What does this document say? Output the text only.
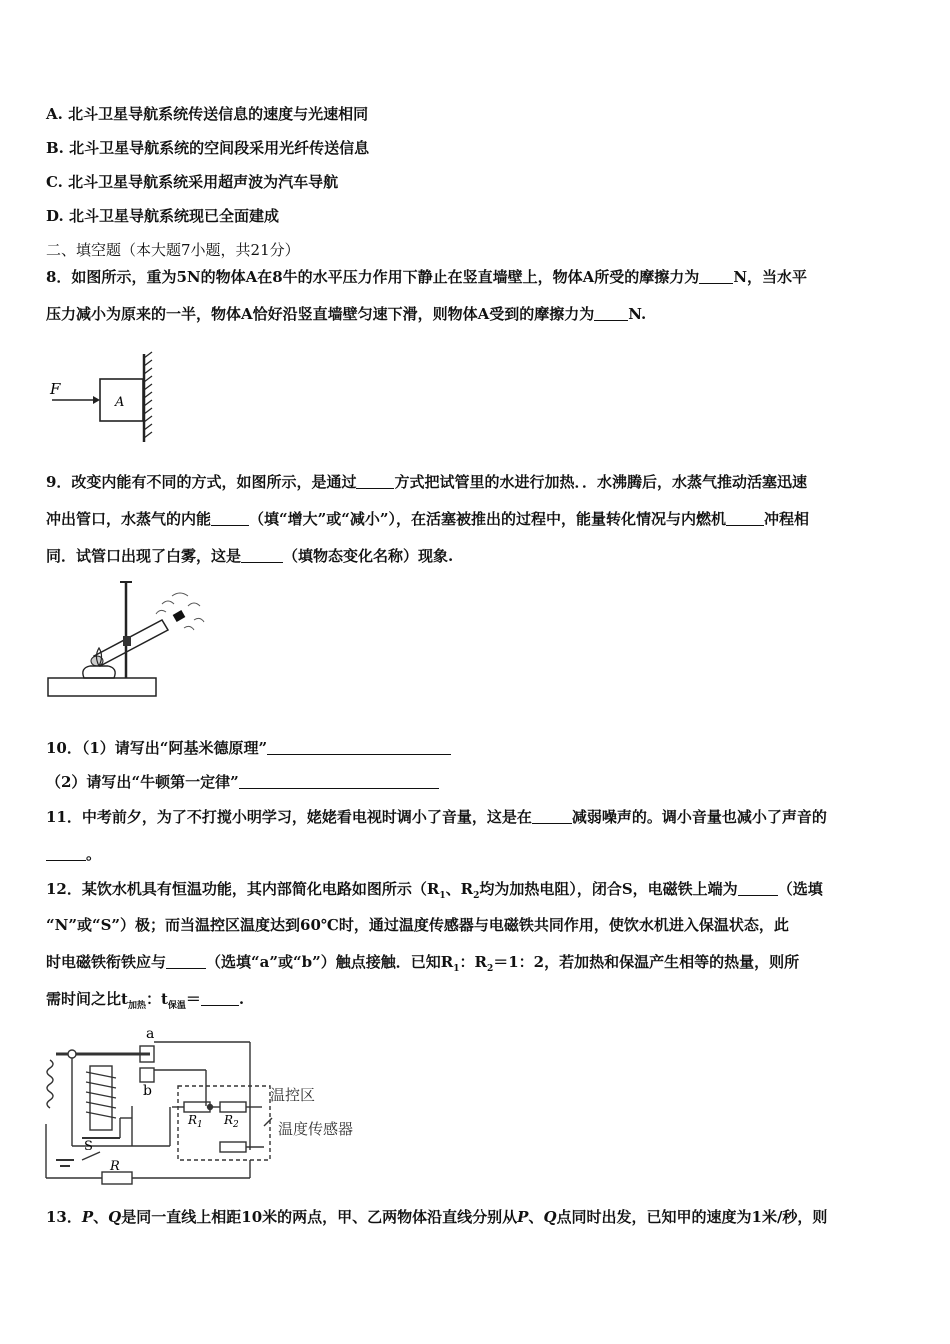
A. 北斗卫星导航系统传送信息的速度与光速相同
B. 北斗卫星导航系统的空间段采用光纤传送信息
C. 北斗卫星导航系统采用超声波为汽车导航
D. 北斗卫星导航系统现已全面建成
二、填空题（本大题7小题，共21分）
8．如图所示，重为5N的物体A在8牛的水平压力作用下静止在竖直墙壁上，物体A所受的摩擦力为 N，当水平
压力减小为原来的一半，物体A恰好沿竖直墙壁匀速下滑，则物体A受到的摩擦力为 N.
F
A
9．改变内能有不同的方式，如图所示，是通过	方式把试管里的水进行加热．．水沸腾后，水蒸气推动活塞迅速
冲出管口，水蒸气的内能	（填“增大”或“减小”），在活塞被推出的过程中，能量转化情况与内燃机	冲程相
同．试管口出现了白雾，这是	（填物态变化名称）现象.
10．（1）请写出“阿基米德原理”
（2）请写出“牛顿第一定律”
11．中考前夕，为了不打搅小明学习，姥姥看电视时调小了音量，这是在	减弱噪声的。调小音量也减小了声音的
。
12．某饮水机具有恒温功能，其内部简化电路如图所示（$R_1$、$R_2$均为加热电阻），闭合S，电磁铁上端为	（选填
“N”或“S”）极；而当温控区温度达到60℃时，通过温度传感器与电磁铁共同作用，使饮水机进入保温状态，此
时电磁铁衔铁应与	（选填“a”或“b”）触点接触．已知$R_1$：$R_2=1$：2，若加热和保温产生相等的热量，则所
需时间之比$t_{加热}$：$t_{保温}=$	.
a
b
S
R
$R_1$ $R_2$
温控区
温度传感器
13．P、Q是同一直线上相距10米的两点，甲、乙两物体沿直线分别从P、Q点同时出发，已知甲的速度为1米/秒，则
